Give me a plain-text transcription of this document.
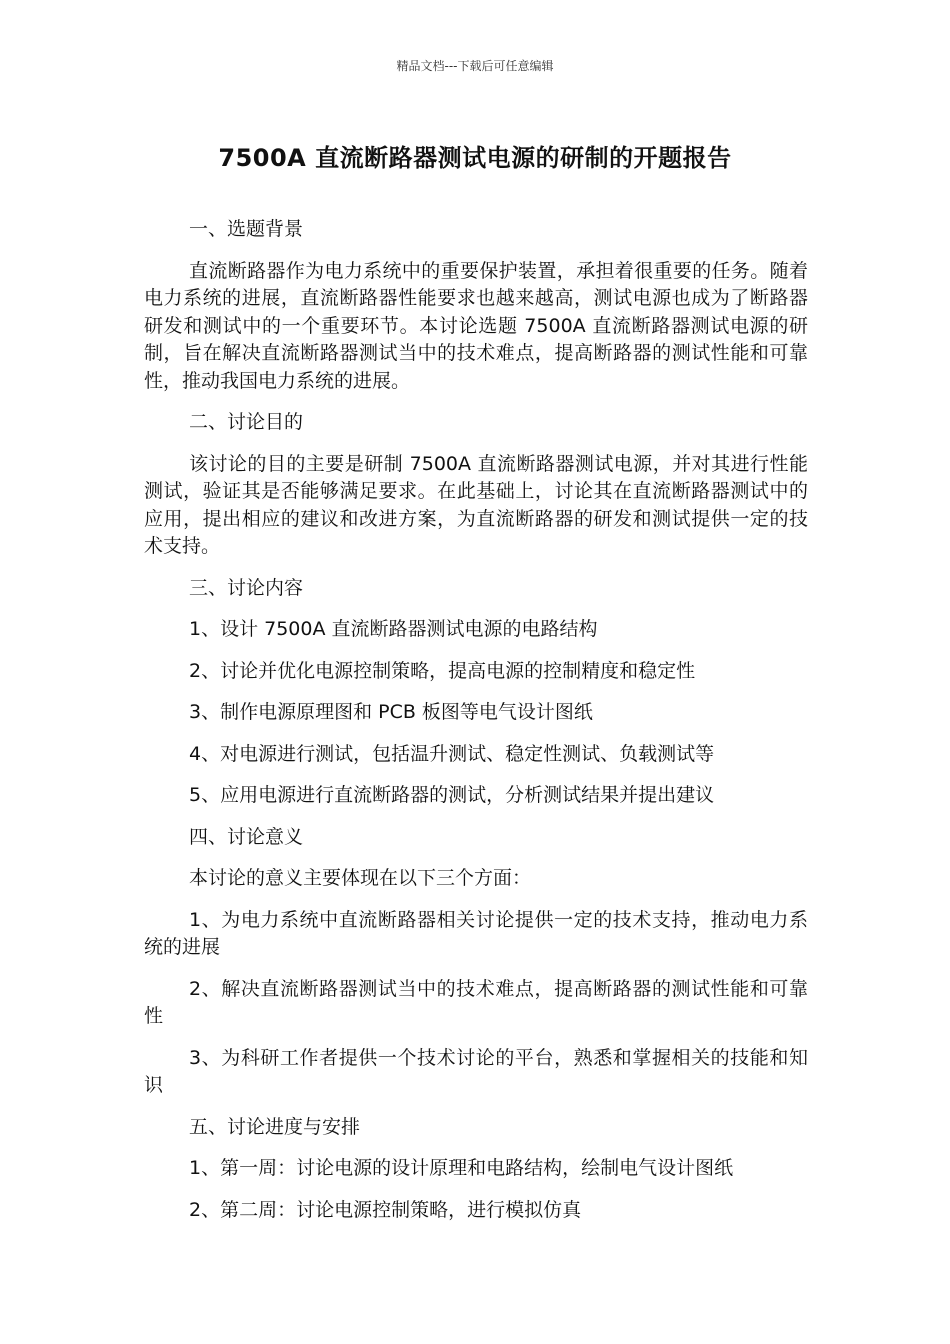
精品文档---下载后可任意编辑
7500A 直流断路器测试电源的研制的开题报告

一、选题背景

直流断路器作为电力系统中的重要保护装置，承担着很重要的任务。随着电力系统的进展，直流断路器性能要求也越来越高，测试电源也成为了断路器研发和测试中的一个重要环节。本讨论选题 7500A 直流断路器测试电源的研制，旨在解决直流断路器测试当中的技术难点，提高断路器的测试性能和可靠性，推动我国电力系统的进展。

二、讨论目的

该讨论的目的主要是研制 7500A 直流断路器测试电源，并对其进行性能测试，验证其是否能够满足要求。在此基础上，讨论其在直流断路器测试中的应用，提出相应的建议和改进方案，为直流断路器的研发和测试提供一定的技术支持。

三、讨论内容

1、设计 7500A 直流断路器测试电源的电路结构

2、讨论并优化电源控制策略，提高电源的控制精度和稳定性

3、制作电源原理图和 PCB 板图等电气设计图纸

4、对电源进行测试，包括温升测试、稳定性测试、负载测试等

5、应用电源进行直流断路器的测试，分析测试结果并提出建议

四、讨论意义

本讨论的意义主要体现在以下三个方面：

1、为电力系统中直流断路器相关讨论提供一定的技术支持，推动电力系统的进展

2、解决直流断路器测试当中的技术难点，提高断路器的测试性能和可靠性

3、为科研工作者提供一个技术讨论的平台，熟悉和掌握相关的技能和知识

五、讨论进度与安排

1、第一周：讨论电源的设计原理和电路结构，绘制电气设计图纸

2、第二周：讨论电源控制策略，进行模拟仿真
